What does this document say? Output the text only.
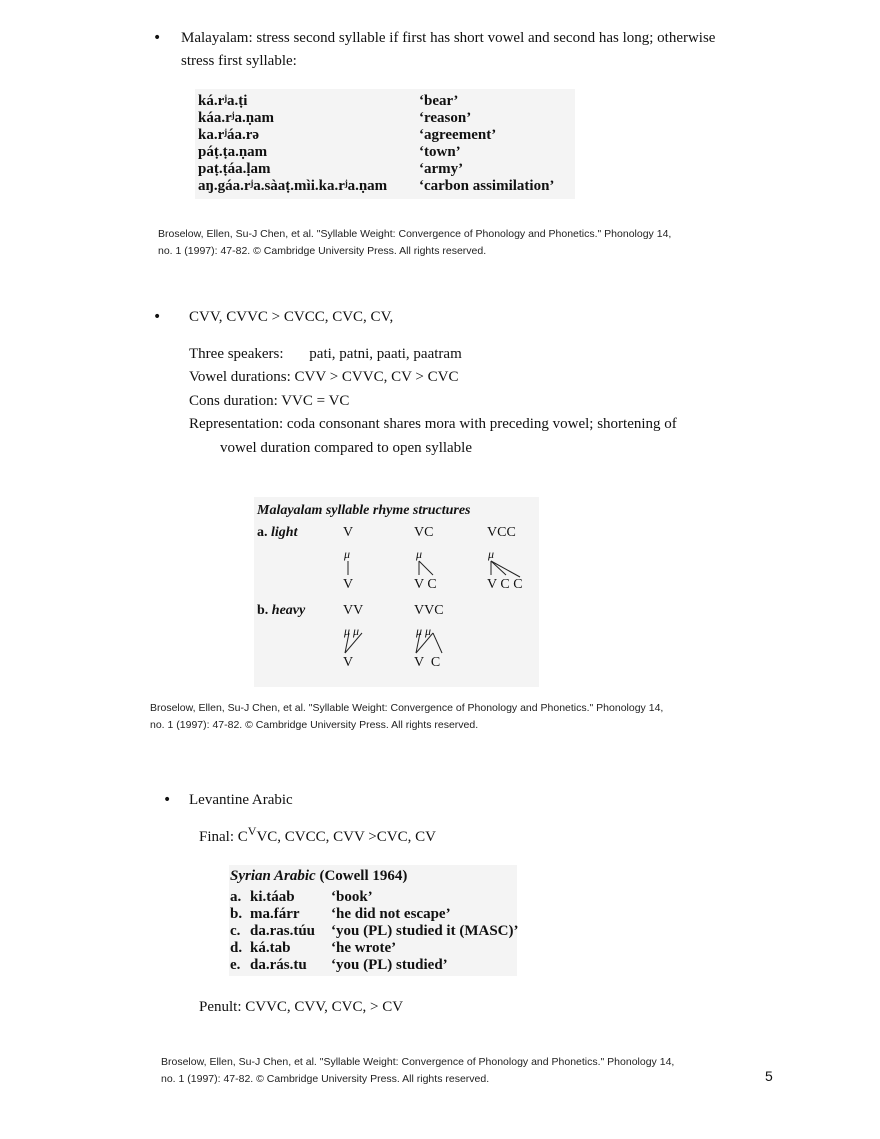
• Malayalam: stress second syllable if first has short vowel and second has long; otherwise
stress first syllable:
ká.rʲa.ṭi	‘bear’
káa.rʲa.ṇam	‘reason’
ka.rʲáa.rə	‘agreement’
páṭ.ṭa.ṇam	‘town’
paṭ.ṭáa.ḷam	‘army’
aŋ.gáa.rʲa.sàaṭ.mìi.ka.rʲa.ṇam ‘carbon assimilation’
Broselow, Ellen, Su-J Chen, et al. "Syllable Weight: Convergence of Phonology and Phonetics." Phonology 14,
no. 1 (1997): 47-82. © Cambridge University Press. All rights reserved.
• CVV, CVVC > CVCC, CVC, CV,
Three speakers: pati, patni, paati, paatram
Vowel durations: CVV > CVVC, CV > CVC
Cons duration: VVC = VC
Representation: coda consonant shares mora with preceding vowel; shortening of
vowel duration compared to open syllable
Malayalam syllable rhyme structures
a. light	V	VC	VCC
μ	μ	μ
V	V C	V C C
b. heavy	VV	VVC
μ μ	μ μ
V	V  C
Broselow, Ellen, Su-J Chen, et al. "Syllable Weight: Convergence of Phonology and Phonetics." Phonology 14,
no. 1 (1997): 47-82. © Cambridge University Press. All rights reserved.
• Levantine Arabic
Final: $C^VVC$, CVCC, CVV >CVC, CV
Syrian Arabic (Cowell 1964)
a. ki.táab ‘book’
b. ma.fárr ‘he did not escape’
c. da.ras.túu ‘you (PL) studied it (MASC)’
d. ká.tab	‘he wrote’
e. da.rás.tu ‘you (PL) studied’
Penult: CVVC, CVV, CVC, > CV
Broselow, Ellen, Su-J Chen, et al. "Syllable Weight: Convergence of Phonology and Phonetics." Phonology 14,
no. 1 (1997): 47-82. © Cambridge University Press. All rights reserved.	5
